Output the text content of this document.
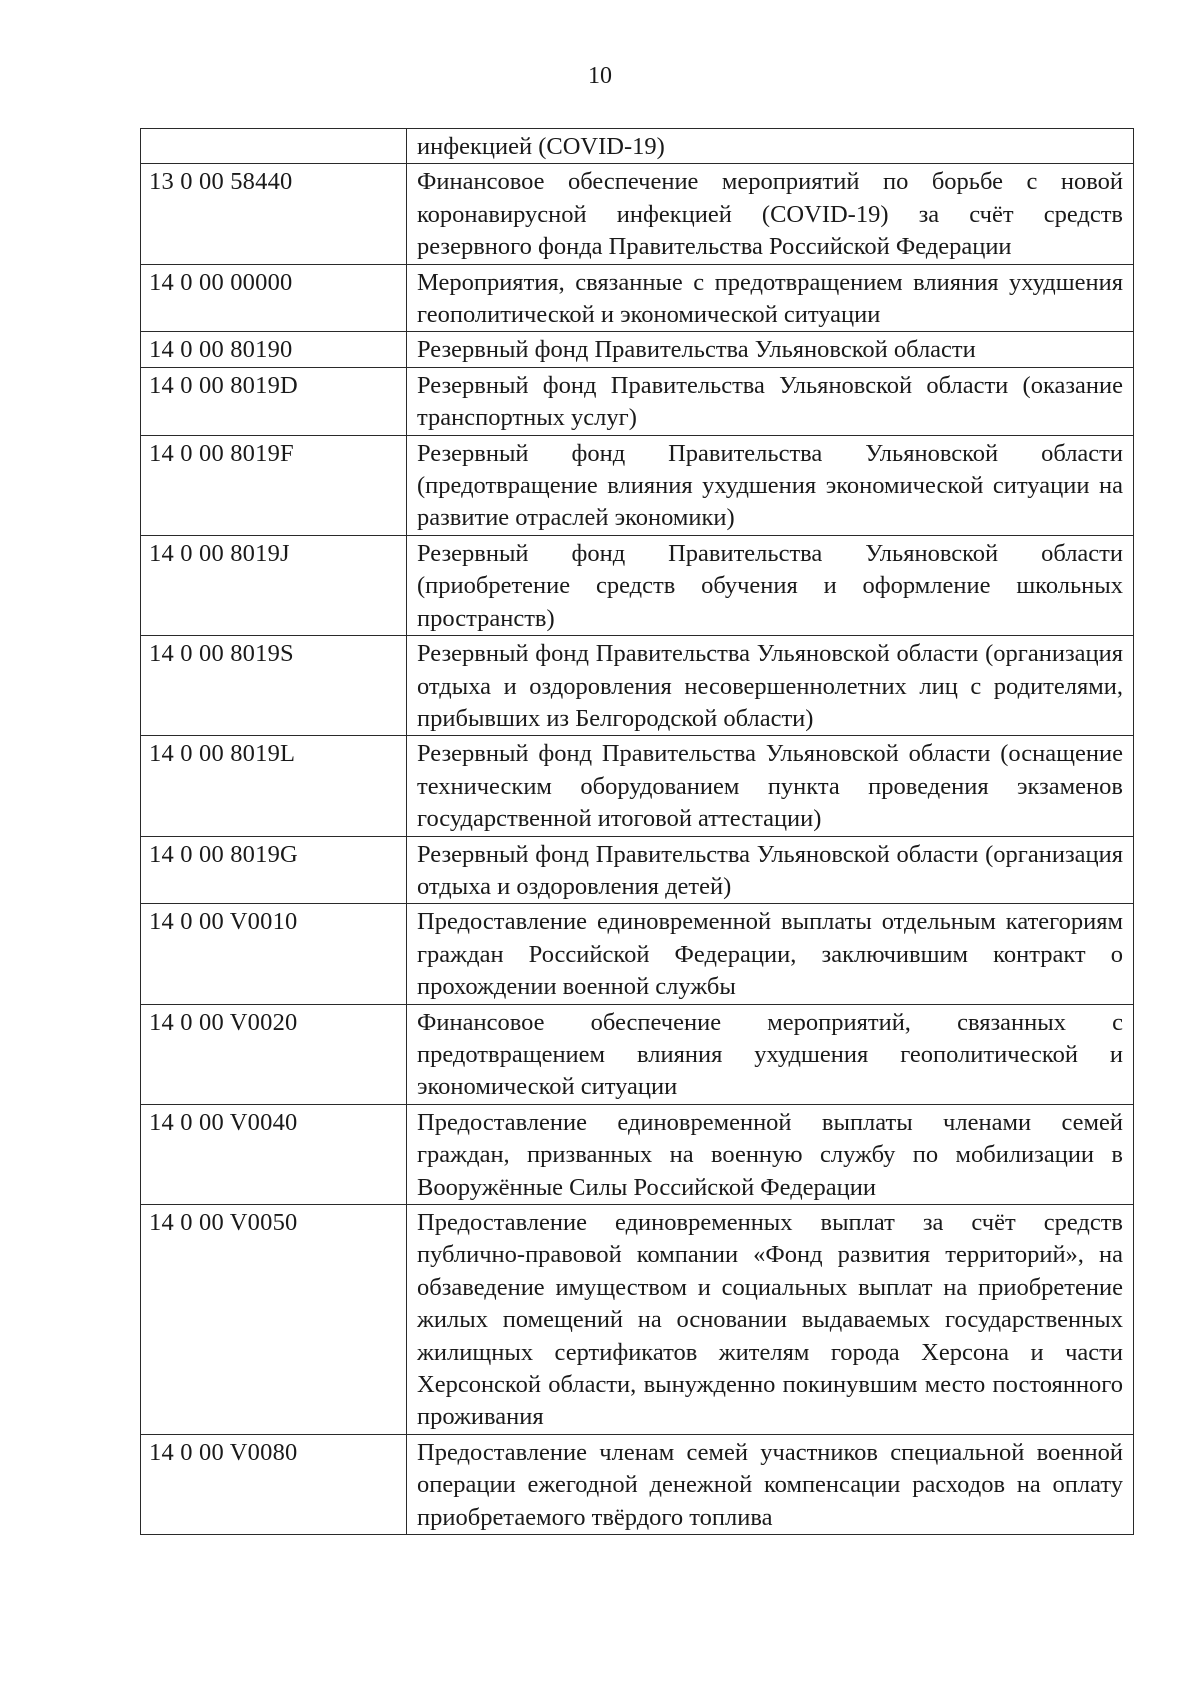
10
	инфекцией (COVID-19)
13 0 00 58440	Финансовое обеспечение мероприятий по борьбе с новой коронавирусной инфекцией (COVID-19) за счёт средств резервного фонда Правительства Российской Федерации
14 0 00 00000	Мероприятия, связанные с предотвращением влияния ухудшения геополитической и экономической ситуации
14 0 00 80190	Резервный фонд Правительства Ульяновской области
14 0 00 8019D	Резервный фонд Правительства Ульяновской области (оказание транспортных услуг)
14 0 00 8019F	Резервный фонд Правительства Ульяновской области (предотвращение влияния ухудшения экономической ситуации на развитие отраслей экономики)
14 0 00 8019J	Резервный фонд Правительства Ульяновской области (приобретение средств обучения и оформление школьных пространств)
14 0 00 8019S	Резервный фонд Правительства Ульяновской области (организация отдыха и оздоровления несовершеннолетних лиц с родителями, прибывших из Белгородской области)
14 0 00 8019L	Резервный фонд Правительства Ульяновской области (оснащение техническим оборудованием пункта проведения экзаменов государственной итоговой аттестации)
14 0 00 8019G	Резервный фонд Правительства Ульяновской области (организация отдыха и оздоровления детей)
14 0 00 V0010	Предоставление единовременной выплаты отдельным категориям граждан Российской Федерации, заключившим контракт о прохождении военной службы
14 0 00 V0020	Финансовое обеспечение мероприятий, связанных с предотвращением влияния ухудшения геополитической и экономической ситуации
14 0 00 V0040	Предоставление единовременной выплаты членами семей граждан, призванных на военную службу по мобилизации в Вооружённые Силы Российской Федерации
14 0 00 V0050	Предоставление единовременных выплат за счёт средств публично-правовой компании «Фонд развития территорий», на обзаведение имуществом и социальных выплат на приобретение жилых помещений на основании выдаваемых государственных жилищных сертификатов жителям города Херсона и части Херсонской области, вынужденно покинувшим место постоянного проживания
14 0 00 V0080	Предоставление членам семей участников специальной военной операции ежегодной денежной компенсации расходов на оплату приобретаемого твёрдого топлива
